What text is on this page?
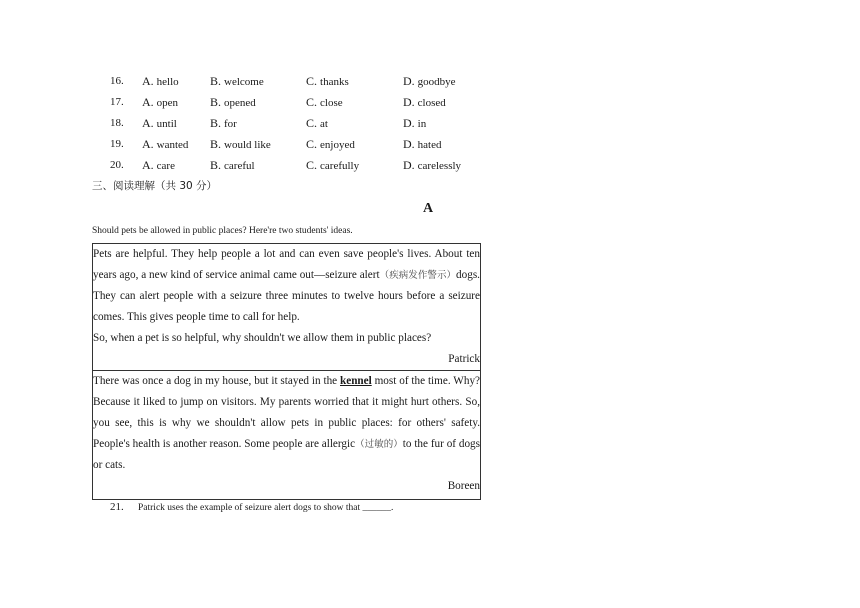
16. A. hello	B. welcome	C. thanks	D. goodbye
17. A. open	B. opened	C. close	D. closed
18. A. until	B. for	C. at	D. in
19. A. wanted B. would like	C. enjoyed	D. hated
20. A. care	B. careful	C. carefully	D. carelessly
三、阅读理解（共 30 分）
A
Should pets be allowed in public places? Here're two students' ideas.

Pets are helpful. They help people a lot and can even save people's lives. About ten years ago, a new kind of service animal came out—seizure alert（疾病发作警示）dogs. They can alert people with a seizure three minutes to twelve hours before a seizure comes. This gives people time to call for help.

So, when a pet is so helpful, why shouldn't we allow them in public places?

Patrick

There was once a dog in my house, but it stayed in the kennel most of the time. Why? Because it liked to jump on visitors. My parents worried that it might hurt others. So, you see, this is why we shouldn't allow pets in public places: for others' safety. People's health is another reason. Some people are allergic（过敏的）to the fur of dogs or cats.

Boreen

21. Patrick uses the example of seizure alert dogs to show that ______.
